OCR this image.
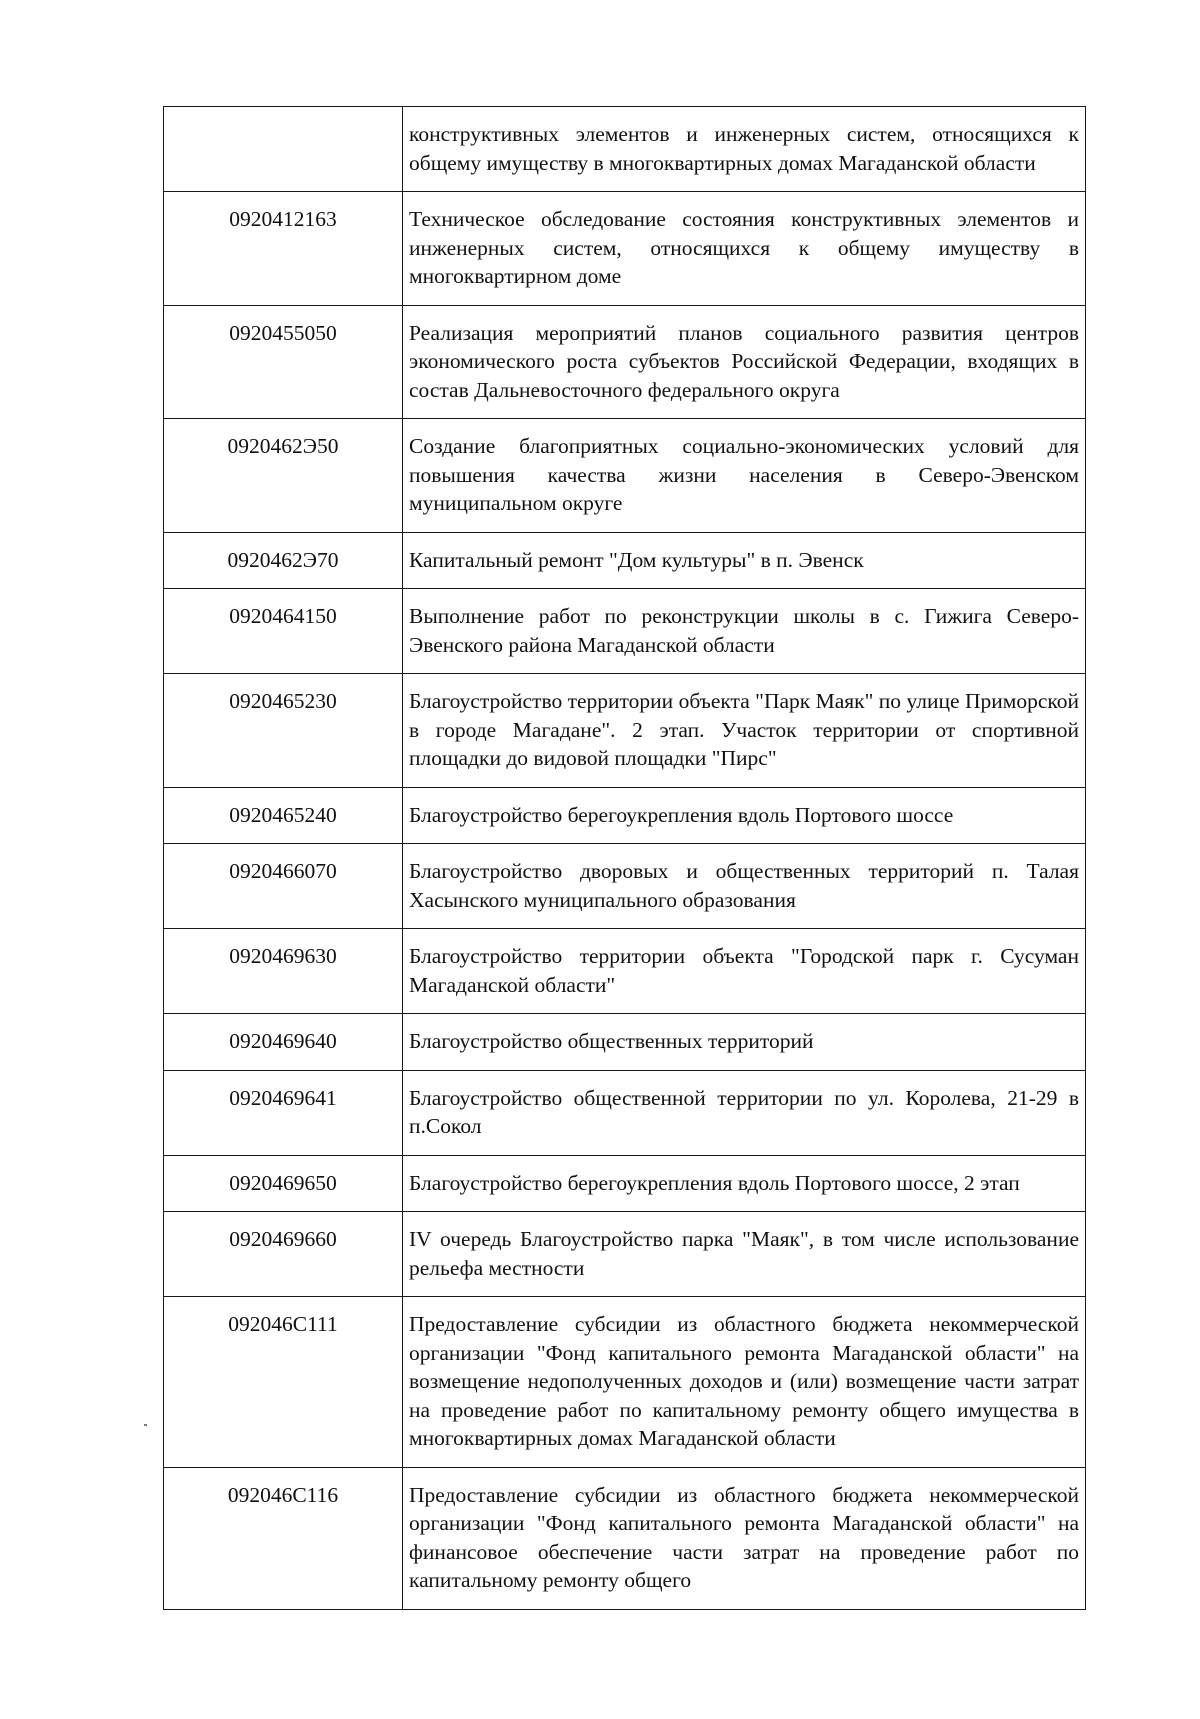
	конструктивных элементов и инженерных систем, относящихся к общему имуществу в многоквартирных домах Магаданской области
0920412163	Техническое обследование состояния конструктивных элементов и инженерных систем, относящихся к общему имуществу в многоквартирном доме
0920455050	Реализация мероприятий планов социального развития центров экономического роста субъектов Российской Федерации, входящих в состав Дальневосточного федерального округа
0920462Э50	Создание благоприятных социально-экономических условий для повышения качества жизни населения в Северо-Эвенском муниципальном округе
0920462Э70	Капитальный ремонт "Дом культуры" в п. Эвенск
0920464150	Выполнение работ по реконструкции школы в с. Гижига Северо-Эвенского района Магаданской области
0920465230	Благоустройство территории объекта "Парк Маяк" по улице Приморской в городе Магадане". 2 этап. Участок территории от спортивной площадки до видовой площадки "Пирс"
0920465240	Благоустройство берегоукрепления вдоль Портового шоссе
0920466070	Благоустройство дворовых и общественных территорий п. Талая Хасынского муниципального образования
0920469630	Благоустройство территории объекта "Городской парк г. Сусуман Магаданской области"
0920469640	Благоустройство общественных территорий
0920469641	Благоустройство общественной территории по ул. Королева, 21-29 в п.Сокол
0920469650	Благоустройство берегоукрепления вдоль Портового шоссе, 2 этап
0920469660	IV очередь Благоустройство парка "Маяк", в том числе использование рельефа местности
092046С111	Предоставление субсидии из областного бюджета некоммерческой организации "Фонд капитального ремонта Магаданской области" на возмещение недополученных доходов и (или) возмещение части затрат на проведение работ по капитальному ремонту общего имущества в многоквартирных домах Магаданской области
092046С116	Предоставление субсидии из областного бюджета некоммерческой организации "Фонд капитального ремонта Магаданской области" на финансовое обеспечение части затрат на проведение работ по капитальному ремонту общего
